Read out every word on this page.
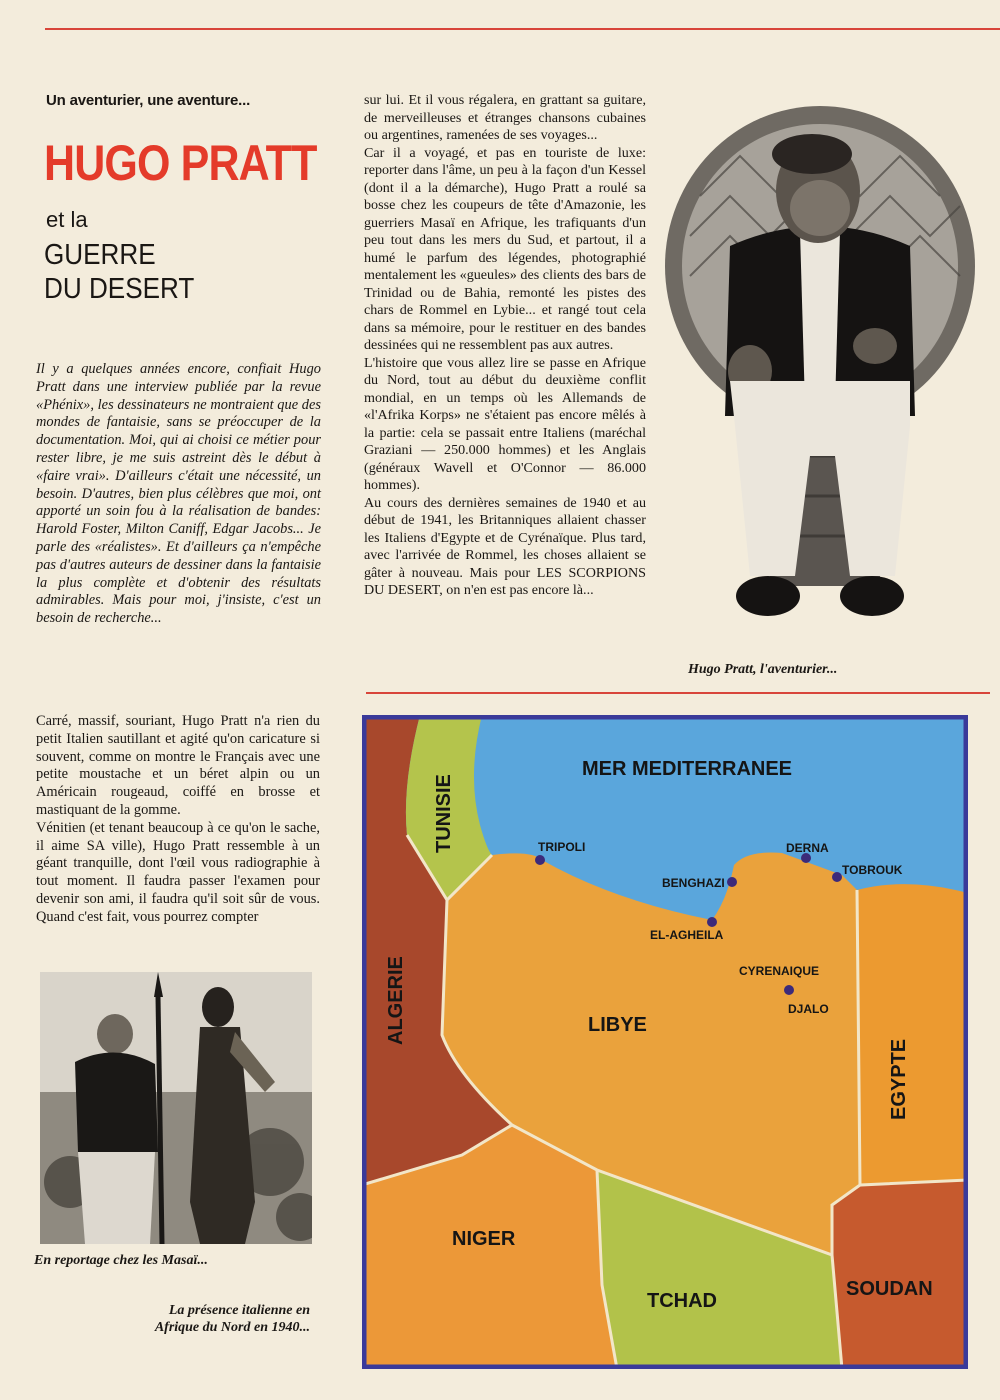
Un aventurier, une aventure...
HUGO PRATT
et la
GUERRE
DU DESERT

Il y a quelques années encore, confiait Hugo Pratt dans une interview publiée par la revue «Phénix», les dessinateurs ne montraient que des mondes de fantaisie, sans se préoccuper de la documentation. Moi, qui ai choisi ce métier pour rester libre, je me suis astreint dès le début à «faire vrai». D'ailleurs c'était une nécessité, un besoin. D'autres, bien plus célèbres que moi, ont apporté un soin fou à la réalisation de bandes: Harold Foster, Milton Caniff, Edgar Jacobs... Je parle des «réalistes». Et d'ailleurs ça n'empêche pas d'autres auteurs de dessiner dans la fantaisie la plus complète et d'obtenir des résultats admirables. Mais pour moi, j'insiste, c'est un besoin de recherche...

Carré, massif, souriant, Hugo Pratt n'a rien du petit Italien sautillant et agité qu'on caricature si souvent, comme on montre le Français avec une petite moustache et un béret alpin ou un Américain rougeaud, coiffé en brosse et mastiquant de la gomme.
Vénitien (et tenant beaucoup à ce qu'on le sache, il aime SA ville), Hugo Pratt ressemble à un géant tranquille, dont l'œil vous radiographie à tout moment. Il faudra passer l'examen pour devenir son ami, il faudra qu'il soit sûr de vous. Quand c'est fait, vous pourrez compter

sur lui. Et il vous régalera, en grattant sa guitare, de merveilleuses et étranges chansons cubaines ou argentines, ramenées de ses voyages...
Car il a voyagé, et pas en touriste de luxe: reporter dans l'âme, un peu à la façon d'un Kessel (dont il a la démarche), Hugo Pratt a roulé sa bosse chez les coupeurs de tête d'Amazonie, les guerriers Masaï en Afrique, les trafiquants d'un peu tout dans les mers du Sud, et partout, il a humé le parfum des légendes, photographié mentalement les «gueules» des clients des bars de Trinidad ou de Bahia, remonté les pistes des chars de Rommel en Lybie... et rangé tout cela dans sa mémoire, pour le restituer en des bandes dessinées qui ne ressemblent pas aux autres.
L'histoire que vous allez lire se passe en Afrique du Nord, tout au début du deuxième conflit mondial, en un temps où les Allemands de «l'Afrika Korps» ne s'étaient pas encore mêlés à la partie: cela se passait entre Italiens (maréchal Graziani — 250.000 hommes) et les Anglais (généraux Wavell et O'Connor — 86.000 hommes).
Au cours des dernières semaines de 1940 et au début de 1941, les Britanniques allaient chasser les Italiens d'Egypte et de Cyrénaïque. Plus tard, avec l'arrivée de Rommel, les choses allaient se gâter à nouveau. Mais pour LES SCORPIONS DU DESERT, on n'en est pas encore là...

Hugo Pratt, l'aventurier...
En reportage chez les Masaï...
La présence italienne en Afrique du Nord en 1940...
MER MEDITERRANEE
TUNISIE
ALGERIE	LIBYE
EGYPTE
NIGER
TCHAD
SOUDAN
CYRENAIQUE
TRIPOLI
BENGHAZI
EL-AGHEILA
DERNA
TOBROUK
DJALO
